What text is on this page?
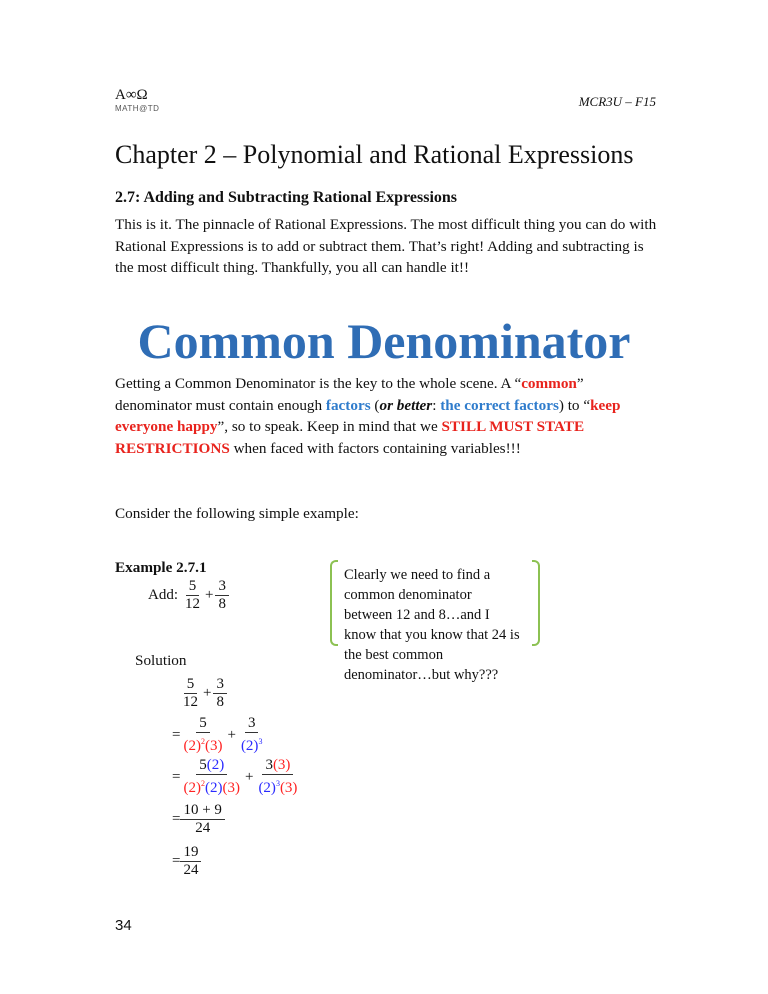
A∞Ω
MATH@TD	MCR3U – F15
Chapter 2 – Polynomial and Rational Expressions
2.7: Adding and Subtracting Rational Expressions
This is it. The pinnacle of Rational Expressions. The most difficult thing you can do with Rational Expressions is to add or subtract them. That’s right! Adding and subtracting is the most difficult thing. Thankfully, you all can handle it!!
Common Denominator
Getting a Common Denominator is the key to the whole scene. A “common” denominator must contain enough factors (or better: the correct factors) to “keep everyone happy”, so to speak. Keep in mind that we STILL MUST STATE RESTRICTIONS when faced with factors containing variables!!!
Consider the following simple example:
Example 2.7.1
Add: $\frac{5}{12} + \frac{3}{8}$
Clearly we need to find a common denominator between 12 and 8…and I know that you know that 24 is the best common denominator…but why???
Solution
$\frac{5}{12} + \frac{3}{8}$
= $\frac{5}{(2)^2(3)} + \frac{3}{(2)^3}$
= $\frac{5(2)}{(2)^2(2)(3)} + \frac{3(3)}{(2)^3(3)}$
= $\frac{10 + 9}{24}$
= $\frac{19}{24}$
34
